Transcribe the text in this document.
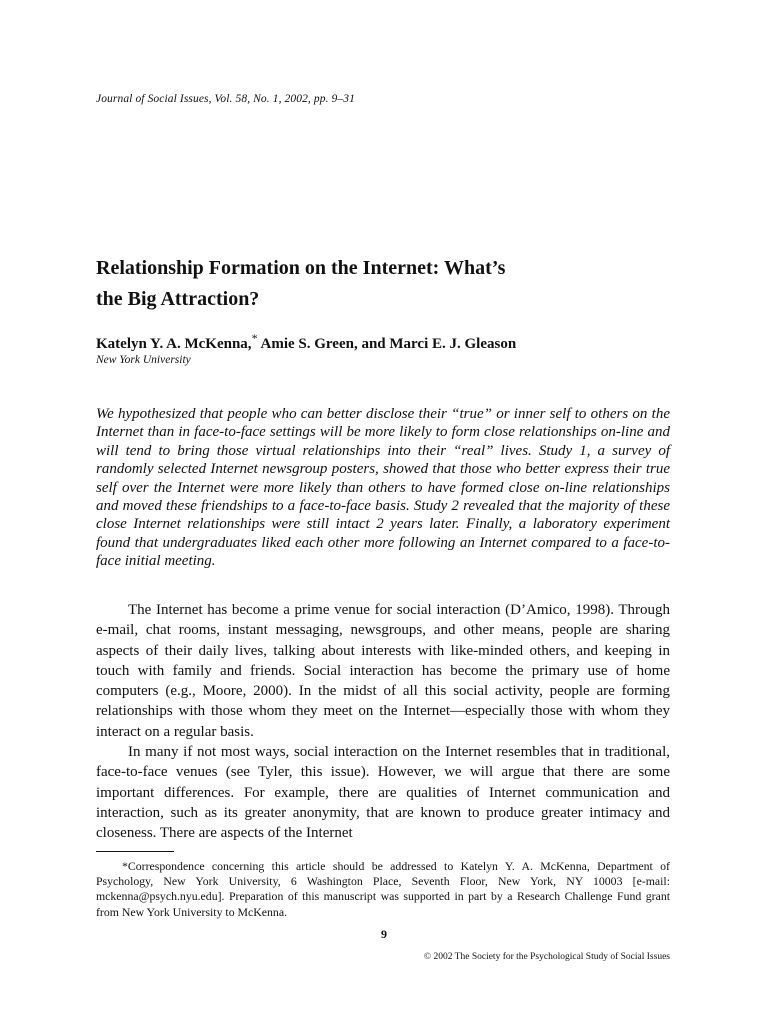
Journal of Social Issues, Vol. 58, No. 1, 2002, pp. 9–31
Relationship Formation on the Internet: What’s
the Big Attraction?
Katelyn Y. A. McKenna,* Amie S. Green, and Marci E. J. Gleason
New York University

We hypothesized that people who can better disclose their “true” or inner self to others on the Internet than in face-to-face settings will be more likely to form close relationships on-line and will tend to bring those virtual relationships into their “real” lives. Study 1, a survey of randomly selected Internet newsgroup posters, showed that those who better express their true self over the Internet were more likely than others to have formed close on-line relationships and moved these friendships to a face-to-face basis. Study 2 revealed that the majority of these close Internet relationships were still intact 2 years later. Finally, a laboratory experiment found that undergraduates liked each other more following an Internet compared to a face-to-face initial meeting.

The Internet has become a prime venue for social interaction (D’Amico, 1998). Through e-mail, chat rooms, instant messaging, newsgroups, and other means, people are sharing aspects of their daily lives, talking about interests with like-minded others, and keeping in touch with family and friends. Social interaction has become the primary use of home computers (e.g., Moore, 2000). In the midst of all this social activity, people are forming relationships with those whom they meet on the Internet—especially those with whom they interact on a regular basis.

In many if not most ways, social interaction on the Internet resembles that in traditional, face-to-face venues (see Tyler, this issue). However, we will argue that there are some important differences. For example, there are qualities of Internet communication and interaction, such as its greater anonymity, that are known to produce greater intimacy and closeness. There are aspects of the Internet

*Correspondence concerning this article should be addressed to Katelyn Y. A. McKenna, Department of Psychology, New York University, 6 Washington Place, Seventh Floor, New York, NY 10003 [e-mail: mckenna@psych.nyu.edu]. Preparation of this manuscript was supported in part by a Research Challenge Fund grant from New York University to McKenna.

9
© 2002 The Society for the Psychological Study of Social Issues
